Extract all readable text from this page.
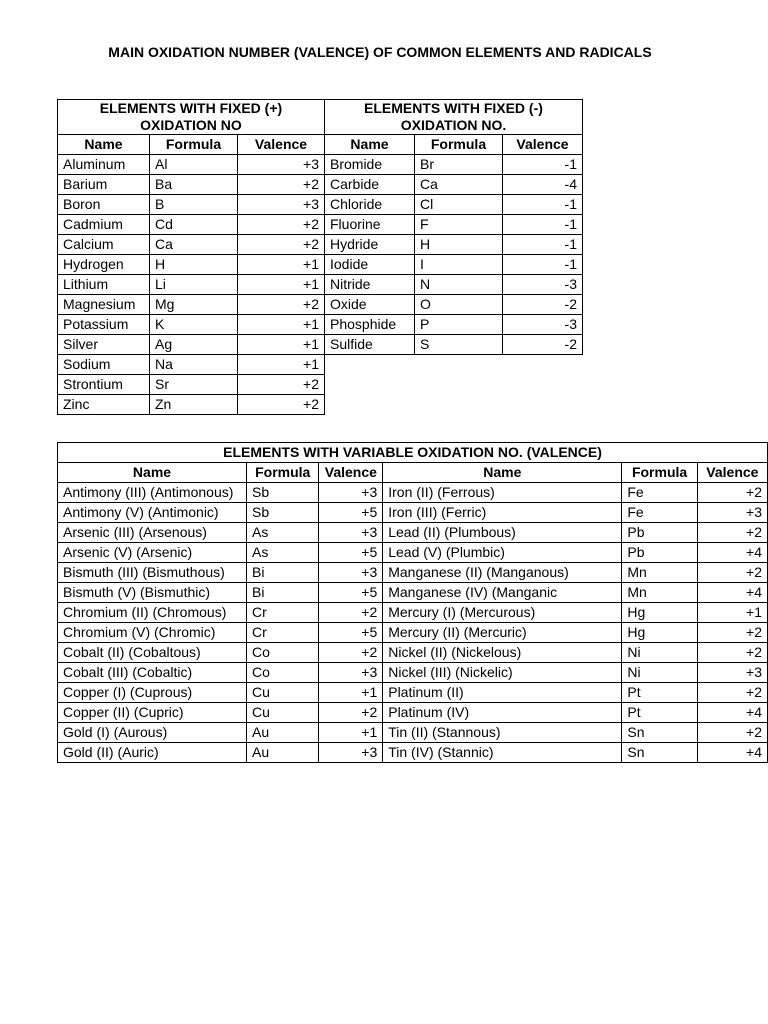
MAIN OXIDATION NUMBER (VALENCE) OF COMMON ELEMENTS AND RADICALS
ELEMENTS WITH FIXED (+) OXIDATION NO			ELEMENTS WITH FIXED (-) OXIDATION NO.		
Name	Formula	Valence	Name	Formula	Valence
Aluminum	Al	+3	Bromide	Br	-1
Barium	Ba	+2	Carbide	Ca	-4
Boron	B	+3	Chloride	Cl	-1
Cadmium	Cd	+2	Fluorine	F	-1
Calcium	Ca	+2	Hydride	H	-1
Hydrogen	H	+1	Iodide	I	-1
Lithium	Li	+1	Nitride	N	-3
Magnesium	Mg	+2	Oxide	O	-2
Potassium	K	+1	Phosphide	P	-3
Silver	Ag	+1	Sulfide	S	-2
Sodium	Na	+1			
Strontium	Sr	+2			
Zinc	Zn	+2			
ELEMENTS WITH VARIABLE OXIDATION NO. (VALENCE)					
Name	Formula	Valence	Name	Formula	Valence
Antimony (III) (Antimonous)	Sb	+3	Iron (II) (Ferrous)	Fe	+2
Antimony (V) (Antimonic)	Sb	+5	Iron (III) (Ferric)	Fe	+3
Arsenic (III) (Arsenous)	As	+3	Lead (II) (Plumbous)	Pb	+2
Arsenic (V) (Arsenic)	As	+5	Lead (V) (Plumbic)	Pb	+4
Bismuth (III) (Bismuthous)	Bi	+3	Manganese (II) (Manganous)	Mn	+2
Bismuth (V) (Bismuthic)	Bi	+5	Manganese (IV) (Manganic	Mn	+4
Chromium (II) (Chromous)	Cr	+2	Mercury (I) (Mercurous)	Hg	+1
Chromium (V) (Chromic)	Cr	+5	Mercury (II) (Mercuric)	Hg	+2
Cobalt (II) (Cobaltous)	Co	+2	Nickel (II) (Nickelous)	Ni	+2
Cobalt (III) (Cobaltic)	Co	+3	Nickel (III) (Nickelic)	Ni	+3
Copper (I) (Cuprous)	Cu	+1	Platinum (II)	Pt	+2
Copper (II) (Cupric)	Cu	+2	Platinum (IV)	Pt	+4
Gold (I) (Aurous)	Au	+1	Tin (II) (Stannous)	Sn	+2
Gold (II) (Auric)	Au	+3	Tin (IV) (Stannic)	Sn	+4
